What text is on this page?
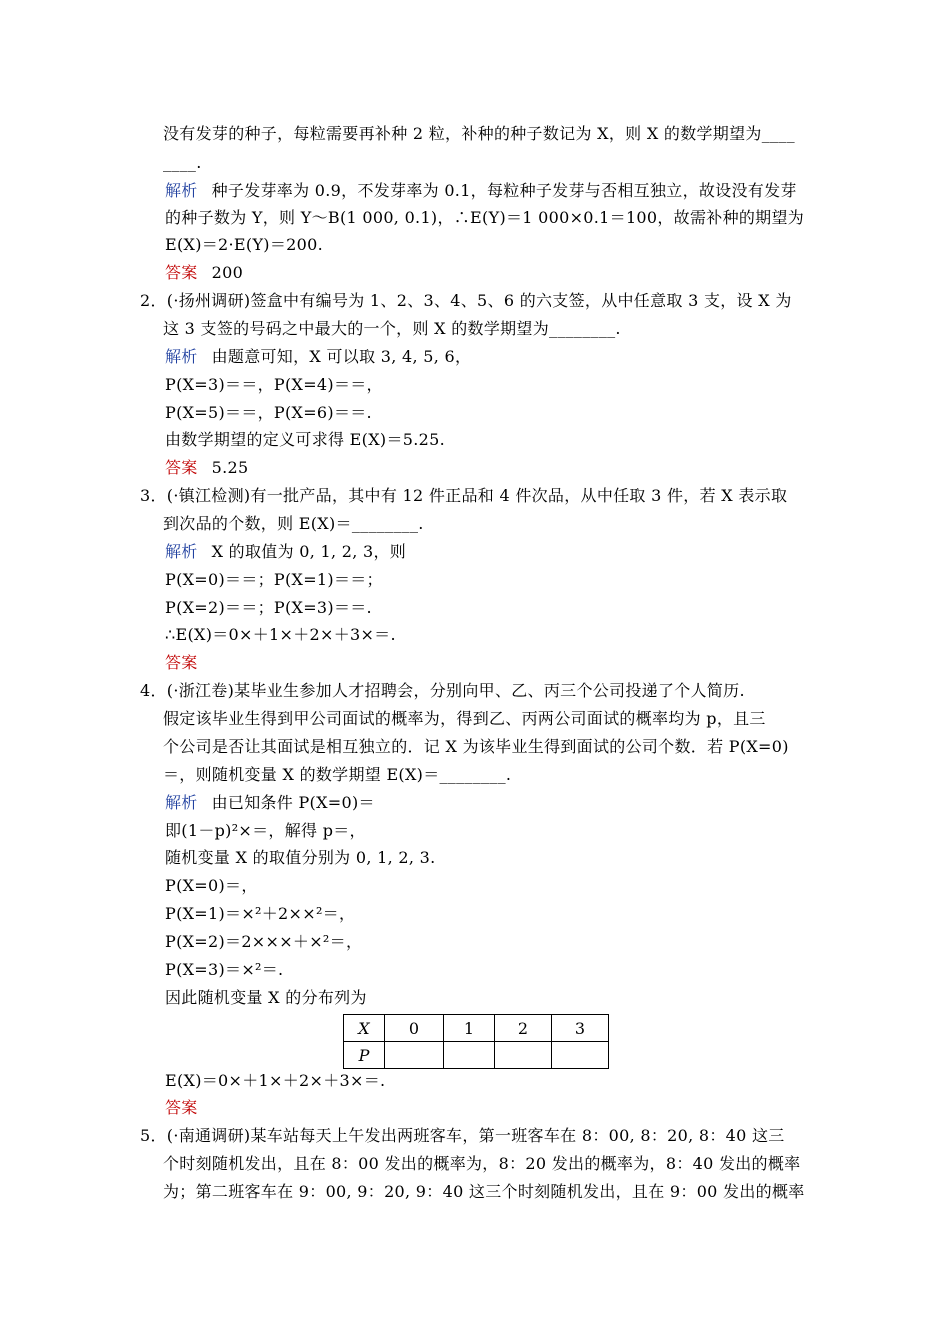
没有发芽的种子，每粒需要再补种 2 粒，补种的种子数记为 X，则 X 的数学期望为____
____.
解析 种子发芽率为 0.9，不发芽率为 0.1，每粒种子发芽与否相互独立，故设没有发芽
的种子数为 Y，则 Y～B(1 000, 0.1)，∴E(Y)＝1 000×0.1＝100，故需补种的期望为
E(X)＝2·E(Y)＝200.
答案 200
2．(·扬州调研)签盒中有编号为 1、2、3、4、5、6 的六支签，从中任意取 3 支，设 X 为
这 3 支签的号码之中最大的一个，则 X 的数学期望为________.
解析 由题意可知，X 可以取 3, 4, 5, 6，
P(X=3)＝＝，P(X=4)＝＝，
P(X=5)＝＝，P(X=6)＝＝.
由数学期望的定义可求得 E(X)＝5.25.
答案 5.25
3．(·镇江检测)有一批产品，其中有 12 件正品和 4 件次品，从中任取 3 件，若 X 表示取
到次品的个数，则 E(X)＝________.
解析 X 的取值为 0, 1, 2, 3，则
P(X=0)＝＝；P(X=1)＝＝；
P(X=2)＝＝；P(X=3)＝＝.
∴E(X)＝0×＋1×＋2×＋3×＝.
答案
4．(·浙江卷)某毕业生参加人才招聘会，分别向甲、乙、丙三个公司投递了个人简历.
假定该毕业生得到甲公司面试的概率为，得到乙、丙两公司面试的概率均为 p，且三
个公司是否让其面试是相互独立的．记 X 为该毕业生得到面试的公司个数．若 P(X=0)
＝，则随机变量 X 的数学期望 E(X)＝________.
解析 由已知条件 P(X=0)＝
即(1－p)²×＝，解得 p＝，
随机变量 X 的取值分别为 0, 1, 2, 3.
P(X=0)＝，
P(X=1)＝×²＋2××²＝，
P(X=2)＝2×××＋×²＝，
P(X=3)＝×²＝.
因此随机变量 X 的分布列为
X	0	1	2	3
P				
E(X)＝0×＋1×＋2×＋3×＝.
答案
5．(·南通调研)某车站每天上午发出两班客车，第一班客车在 8：00, 8：20, 8：40 这三
个时刻随机发出，且在 8：00 发出的概率为，8：20 发出的概率为，8：40 发出的概率
为；第二班客车在 9：00, 9：20, 9：40 这三个时刻随机发出，且在 9：00 发出的概率
